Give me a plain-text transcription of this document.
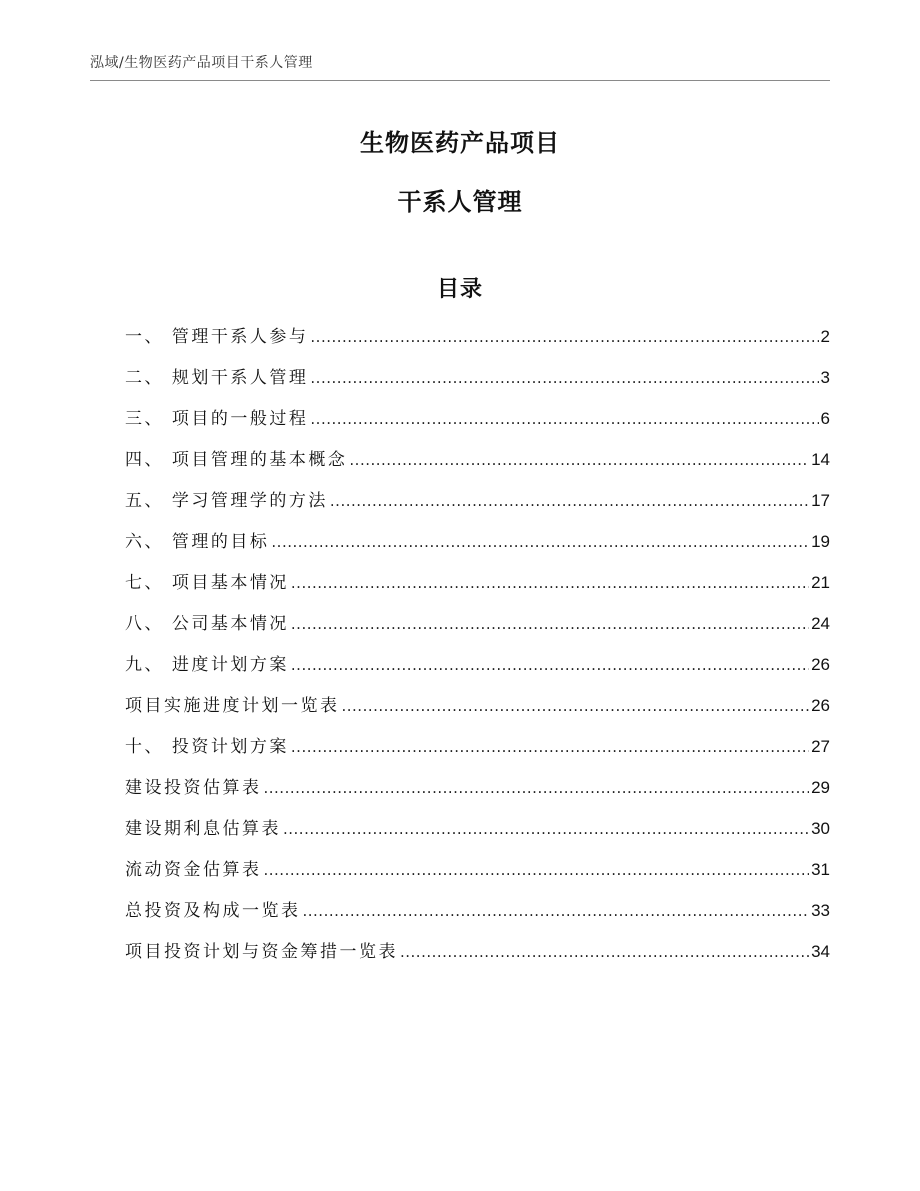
泓域/生物医药产品项目干系人管理
生物医药产品项目
干系人管理
目录
一、 管理干系人参与 .....	2
二、 规划干系人管理 .....	3
三、 项目的一般过程 .....	6
四、 项目管理的基本概念 .....	14
五、 学习管理学的方法 .....	17
六、 管理的目标 .....	19
七、 项目基本情况 .....	21
八、 公司基本情况 .....	24
九、 进度计划方案 .....	26
项目实施进度计划一览表 .....	26
十、 投资计划方案 .....	27
建设投资估算表 .....	29
建设期利息估算表 .....	30
流动资金估算表 .....	31
总投资及构成一览表 .....	33
项目投资计划与资金筹措一览表 .....	34
